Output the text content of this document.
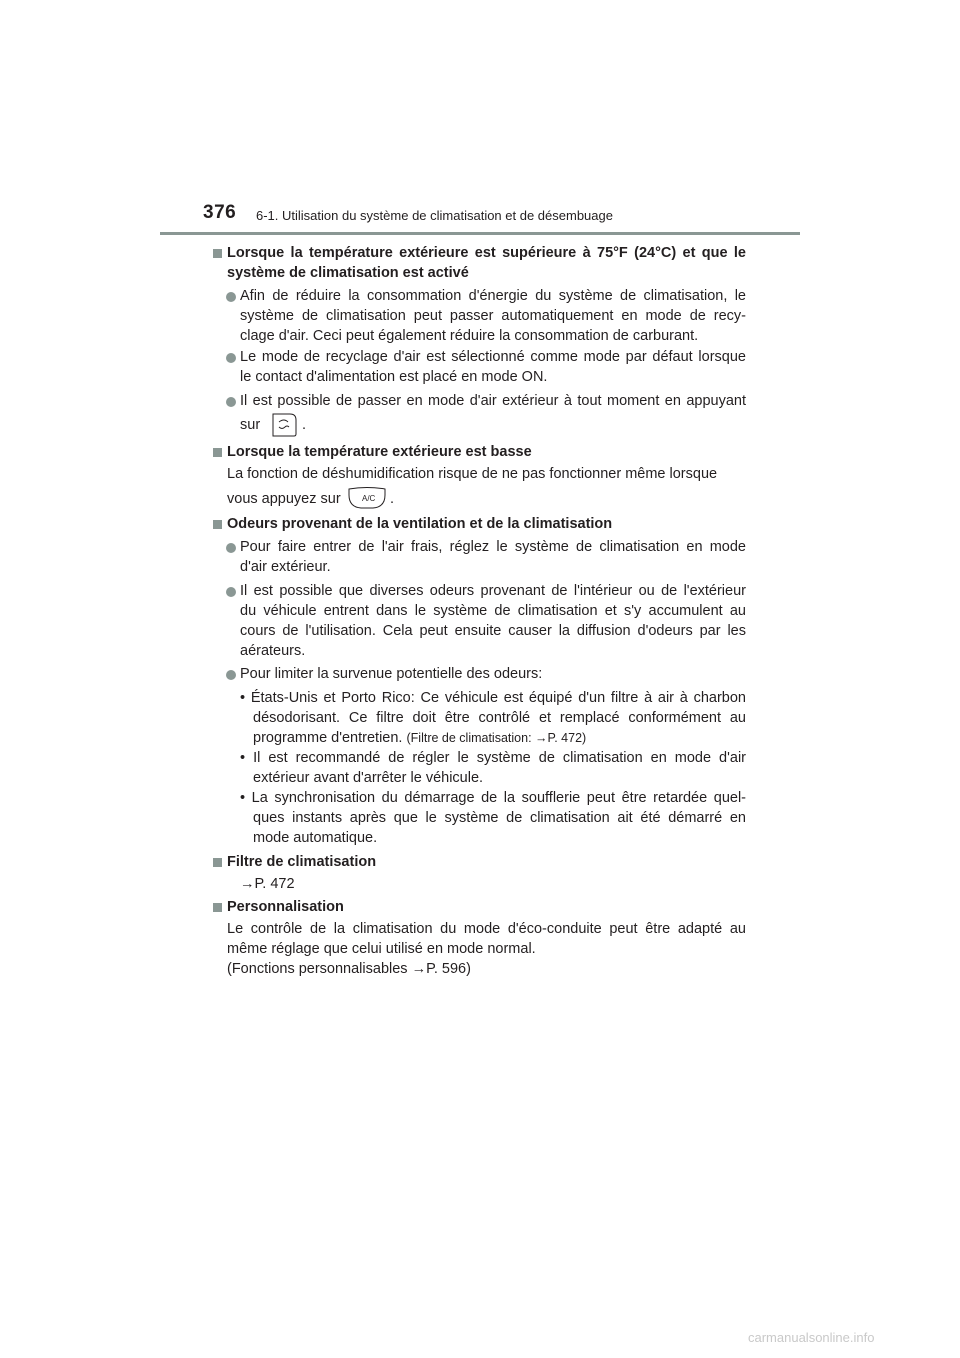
376 6-1. Utilisation du système de climatisation et de désembuage
Lorsque la température extérieure est supérieure à 75°F (24°C) et que le
système de climatisation est activé
Afin de réduire la consommation d'énergie du système de climatisation, le
système de climatisation peut passer automatiquement en mode de recy-
clage d'air. Ceci peut également réduire la consommation de carburant.
Le mode de recyclage d'air est sélectionné comme mode par défaut lorsque
le contact d'alimentation est placé en mode ON.
Il est possible de passer en mode d'air extérieur à tout moment en appuyant
sur	.
Lorsque la température extérieure est basse
La fonction de déshumidification risque de ne pas fonctionner même lorsque
vous appuyez sur	A/C .
Odeurs provenant de la ventilation et de la climatisation
Pour faire entrer de l'air frais, réglez le système de climatisation en mode
d'air extérieur.
Il est possible que diverses odeurs provenant de l'intérieur ou de l'extérieur
du véhicule entrent dans le système de climatisation et s'y accumulent au
cours de l'utilisation. Cela peut ensuite causer la diffusion d'odeurs par les
aérateurs.
Pour limiter la survenue potentielle des odeurs:
• États-Unis et Porto Rico: Ce véhicule est équipé d'un filtre à air à charbon
désodorisant. Ce filtre doit être contrôlé et remplacé conformément au
programme d'entretien. (Filtre de climatisation: →P. 472)
• Il est recommandé de régler le système de climatisation en mode d'air
extérieur avant d'arrêter le véhicule.
• La synchronisation du démarrage de la soufflerie peut être retardée quel-
ques instants après que le système de climatisation ait été démarré en
mode automatique.
Filtre de climatisation
→P. 472
Personnalisation
Le contrôle de la climatisation du mode d'éco-conduite peut être adapté au
même réglage que celui utilisé en mode normal.
(Fonctions personnalisables →P. 596)
carmanualsonline.info
